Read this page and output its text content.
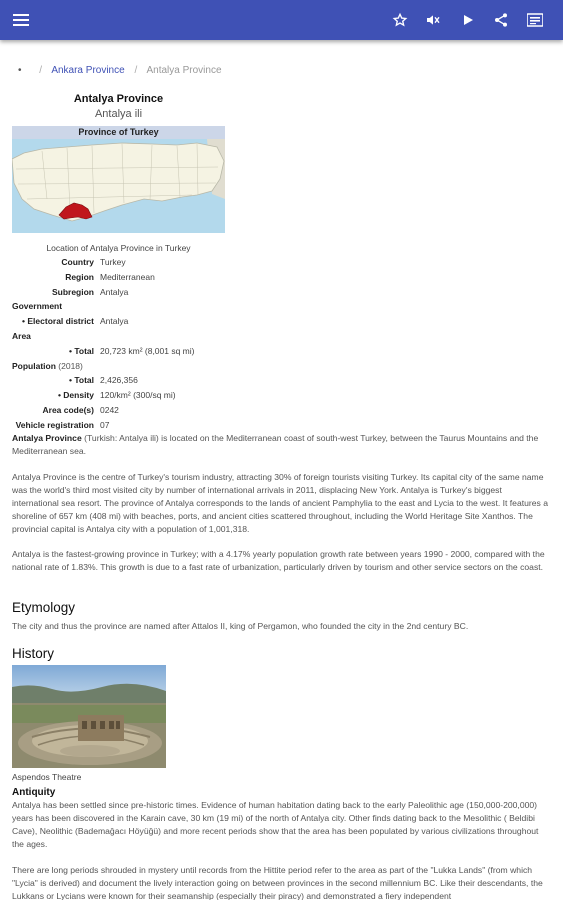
• / Ankara Province / Antalya Province
Antalya Province
Antalya ili
Province of Turkey
Location of Antalya Province in Turkey
Country Turkey
Region Mediterranean
Subregion Antalya
Government
• Electoral district Antalya
Area
• Total 20,723 km² (8,001 sq mi)
Population (2018)
• Total 2,426,356
• Density 120/km² (300/sq mi)
Area code(s) 0242
Vehicle registration 07
Antalya Province (Turkish: Antalya ili) is located on the Mediterranean coast of south-west Turkey, between the Taurus Mountains and the Mediterranean sea.
Antalya Province is the centre of Turkey's tourism industry, attracting 30% of foreign tourists visiting Turkey. Its capital city of the same name was the world's third most visited city by number of international arrivals in 2011, displacing New York. Antalya is Turkey's biggest international sea resort. The province of Antalya corresponds to the lands of ancient Pamphylia to the east and Lycia to the west. It features a shoreline of 657 km (408 mi) with beaches, ports, and ancient cities scattered throughout, including the World Heritage Site Xanthos. The provincial capital is Antalya city with a population of 1,001,318.
Antalya is the fastest-growing province in Turkey; with a 4.17% yearly population growth rate between years 1990 - 2000, compared with the national rate of 1.83%. This growth is due to a fast rate of urbanization, particularly driven by tourism and other service sectors on the coast.
Etymology
The city and thus the province are named after Attalos II, king of Pergamon, who founded the city in the 2nd century BC.
History
Aspendos Theatre
Antiquity
Antalya has been settled since pre-historic times. Evidence of human habitation dating back to the early Paleolithic age (150,000-200,000) years has been discovered in the Karain cave, 30 km (19 mi) of the north of Antalya city. Other finds dating back to the Mesolithic ( Beldibi Cave), Neolithic (Bademağacı Höyüğü) and more recent periods show that the area has been populated by various civilizations throughout the ages.
There are long periods shrouded in mystery until records from the Hittite period refer to the area as part of the "Lukka Lands" (from which "Lycia" is derived) and document the lively interaction going on between provinces in the second millennium BC. Like their descendants, the Lukkans or Lycians were known for their seamanship (especially their piracy) and demonstrated a fiery independent
